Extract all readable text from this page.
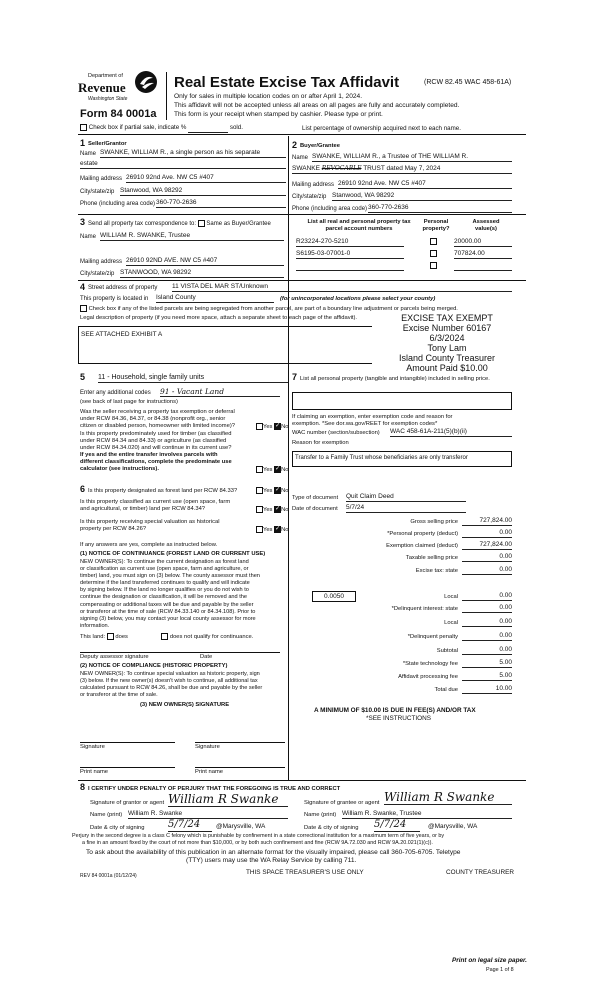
Department of
Revenue
Washington State
Form 84 0001a
Real Estate Excise Tax Affidavit	(RCW 82.45 WAC 458-61A)
Only for sales in multiple location codes on or after April 1, 2024.
This affidavit will not be accepted unless all areas on all pages are fully and accurately completed.
This form is your receipt when stamped by cashier. Please type or print.
Check box if partial sale, indicate %	sold.	List percentage of ownership acquired next to each name.
1 Seller/Grantor
Name SWANKE, WILLIAM R., a single person as his separate
estate
Mailing address 26910 92nd Ave. NW C5 #407
City/state/zip Stanwood, WA 98292
Phone (including area code) 360-770-2636
2 Buyer/Grantee
Name SWANKE, WILLIAM R., a Trustee of THE WILLIAM R.
SWANKE REVOCABLE TRUST dated May 7, 2024
Mailing address 26910 92nd Ave. NW C5 #407
City/state/zip Stanwood, WA 98292
Phone (including area code) 360-770-2636
3 Send all property tax correspondence to: Same as Buyer/Grantee
Name WILLIAM R. SWANKE, Trustee
Mailing address 26910 92ND AVE. NW C5 #407
City/state/zip STANWOOD, WA 98292
List all real and personal property tax
parcel account numbers
Personal
property?
Assessed
value(s)
R23224-270-5210	20000.00
S6195-03-07001-0	707824.00
4 Street address of property 11 VISTA DEL MAR ST/Unknown
This property is located in Island County	(for unincorporated locations please select your county)
Check box if any of the listed parcels are being segregated from another parcel, are part of a boundary line adjustment or parcels being merged.
Legal description of property (if you need more space, attach a separate sheet to each page of the affidavit).
SEE ATTACHED EXHIBIT A
EXCISE TAX EXEMPT
Excise Number 60167
6/3/2024
Tony Lam
Island County Treasurer
Amount Paid $10.00
5 11 - Household, single family units
Enter any additional codes 91 - Vacant Land
(see back of last page for instructions)
Was the seller receiving a property tax exemption or deferral
under RCW 84.36, 84.37, or 84.38 (nonprofit org., senior
citizen or disabled person, homeowner with limited income)?	Yes ✓No
Is this property predominately used for timber (as classified
under RCW 84.34 and 84.33) or agriculture (as classified
under RCW 84.34.020) and will continue in its current use?
If yes and the entire transfer involves parcels with
different classifications, complete the predominate use
calculator (see instructions).	Yes ✓No
6 Is this property designated as forest land per RCW 84.33?	Yes ✓No
Is this property classified as current use (open space, farm
and agricultural, or timber) land per RCW 84.34?	Yes ✓No
Is this property receiving special valuation as historical
property per RCW 84.26?	Yes ✓No
If any answers are yes, complete as instructed below.
(1) NOTICE OF CONTINUANCE (FOREST LAND OR CURRENT USE)
NEW OWNER(S): To continue the current designation as forest land
or classification as current use (open space, farm and agriculture, or
timber) land, you must sign on (3) below. The county assessor must then
determine if the land transferred continues to qualify and will indicate
by signing below. If the land no longer qualifies or you do not wish to
continue the designation or classification, it will be removed and the
compensating or additional taxes will be due and payable by the seller
or transferor at the time of sale (RCW 84.33.140 or 84.34.108). Prior to
signing (3) below, you may contact your local county assessor for more
information.
This land: does	does not qualify for continuance.
Deputy assessor signature	Date
(2) NOTICE OF COMPLIANCE (HISTORIC PROPERTY)
NEW OWNER(S): To continue special valuation as historic property, sign
(3) below. If the new owner(s) doesn't wish to continue, all additional tax
calculated pursuant to RCW 84.26, shall be due and payable by the seller
or transferor at the time of sale.
(3) NEW OWNER(S) SIGNATURE
Signature	Signature
Print name	Print name
7 List all personal property (tangible and intangible) included in selling price.
If claiming an exemption, enter exemption code and reason for
exemption. *See dor.wa.gov/REET for exemption codes*
WAC number (section/subsection) WAC 458-61A-211(5)(b)(ii)
Reason for exemption
Transfer to a Family Trust whose beneficiaries are only transferor
Type of document Quit Claim Deed
Date of document 5/7/24
Gross selling price	727,824.00
*Personal property (deduct)	0.00
Exemption claimed (deduct)	727,824.00
Taxable selling price	0.00
Excise tax: state	0.00
0.0050	Local	0.00
*Delinquent interest: state	0.00
Local	0.00
*Delinquent penalty	0.00
Subtotal	0.00
*State technology fee	5.00
Affidavit processing fee	5.00
Total due	10.00
A MINIMUM OF $10.00 IS DUE IN FEE(S) AND/OR TAX
*SEE INSTRUCTIONS
8 I CERTIFY UNDER PENALTY OF PERJURY THAT THE FOREGOING IS TRUE AND CORRECT
Signature of grantor or agent William R Swanke
Name (print) William R. Swanke
Date & city of signing 5/7/24	@Marysville, WA
Signature of grantee or agent William R Swanke
Name (print) William R. Swanke, Trustee
Date & city of signing 5/7/24	@Marysville, WA
Perjury in the second degree is a class C felony which is punishable by confinement in a state correctional institution for a maximum term of five years, or by
a fine in an amount fixed by the court of not more than $10,000, or by both such confinement and fine (RCW 9A.72.030 and RCW 9A.20.021(1)(c)).
To ask about the availability of this publication in an alternate format for the visually impaired, please call 360-705-6705. Teletype
(TTY) users may use the WA Relay Service by calling 711.
REV 84 0001a (01/12/24)	THIS SPACE TREASURER'S USE ONLY	COUNTY TREASURER
Print on legal size paper.
Page 1 of 8
